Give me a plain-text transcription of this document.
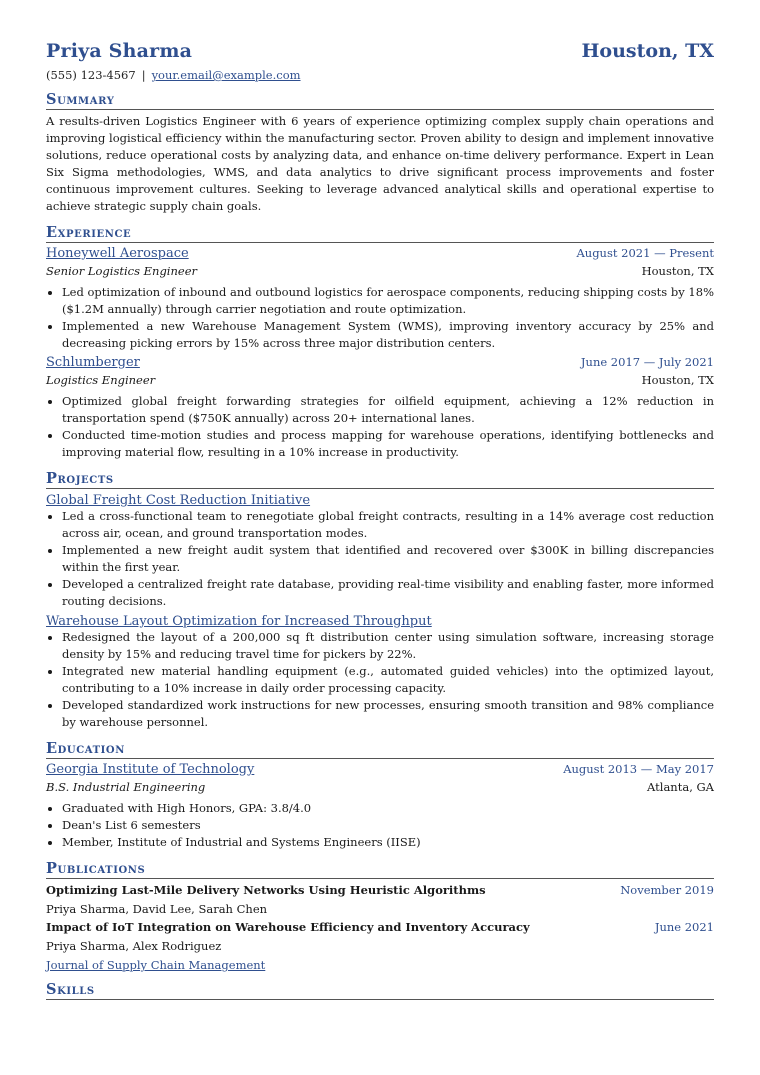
Priya Sharma	Houston, TX
(555) 123-4567 | your.email@example.com
Summary
A results-driven Logistics Engineer with 6 years of experience optimizing complex supply chain operations and improving logistical efficiency within the manufacturing sector. Proven ability to design and implement innovative solutions, reduce operational costs by analyzing data, and enhance on-time delivery performance. Expert in Lean Six Sigma methodologies, WMS, and data analytics to drive significant process improvements and foster continuous improvement cultures. Seeking to leverage advanced analytical skills and operational expertise to achieve strategic supply chain goals.
Experience
Honeywell Aerospace	August 2021 — Present
Senior Logistics Engineer	Houston, TX
• Led optimization of inbound and outbound logistics for aerospace components, reducing shipping costs by 18% ($1.2M annually) through carrier negotiation and route optimization.
• Implemented a new Warehouse Management System (WMS), improving inventory accuracy by 25% and decreasing picking errors by 15% across three major distribution centers.
Schlumberger	June 2017 — July 2021
Logistics Engineer	Houston, TX
• Optimized global freight forwarding strategies for oilfield equipment, achieving a 12% reduction in transportation spend ($750K annually) across 20+ international lanes.
• Conducted time-motion studies and process mapping for warehouse operations, identifying bottlenecks and improving material flow, resulting in a 10% increase in productivity.
Projects
Global Freight Cost Reduction Initiative
• Led a cross-functional team to renegotiate global freight contracts, resulting in a 14% average cost reduction across air, ocean, and ground transportation modes.
• Implemented a new freight audit system that identified and recovered over $300K in billing discrepancies within the first year.
• Developed a centralized freight rate database, providing real-time visibility and enabling faster, more informed routing decisions.
Warehouse Layout Optimization for Increased Throughput
• Redesigned the layout of a 200,000 sq ft distribution center using simulation software, increasing storage density by 15% and reducing travel time for pickers by 22%.
• Integrated new material handling equipment (e.g., automated guided vehicles) into the optimized layout, contributing to a 10% increase in daily order processing capacity.
• Developed standardized work instructions for new processes, ensuring smooth transition and 98% compliance by warehouse personnel.
Education
Georgia Institute of Technology	August 2013 — May 2017
B.S. Industrial Engineering	Atlanta, GA
• Graduated with High Honors, GPA: 3.8/4.0
• Dean's List 6 semesters
• Member, Institute of Industrial and Systems Engineers (IISE)
Publications
Optimizing Last-Mile Delivery Networks Using Heuristic Algorithms	November 2019
Priya Sharma, David Lee, Sarah Chen
Impact of IoT Integration on Warehouse Efficiency and Inventory Accuracy	June 2021
Priya Sharma, Alex Rodriguez
Journal of Supply Chain Management
Skills
